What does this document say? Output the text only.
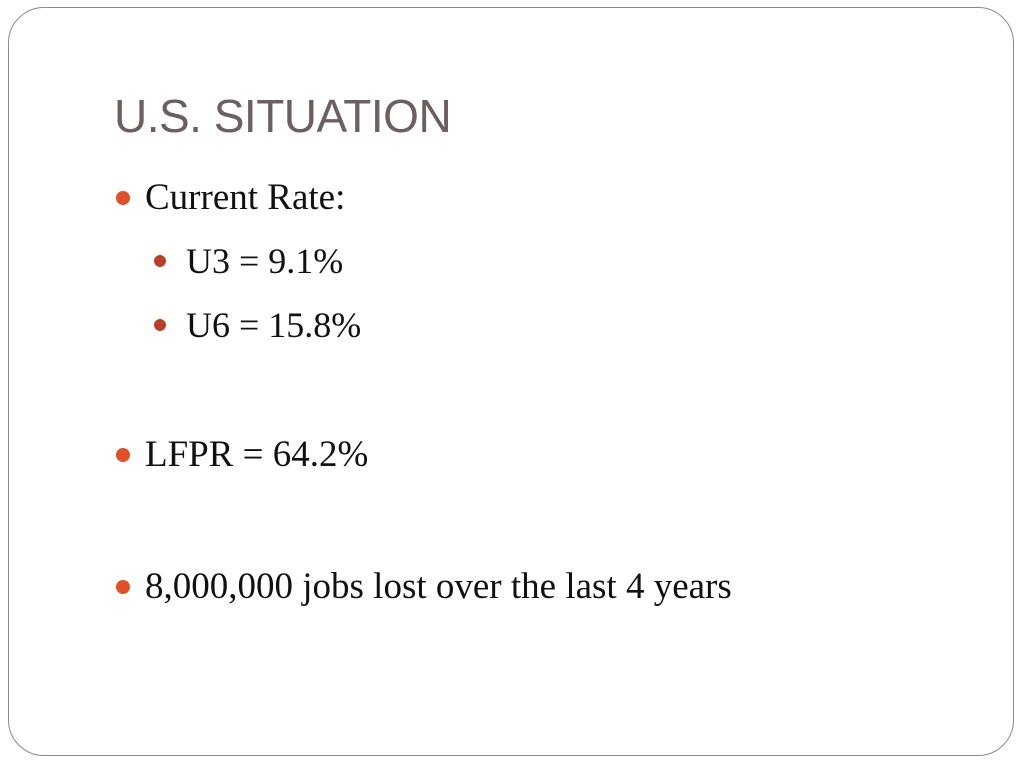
U.S. SITUATION
Current Rate:
U3 = 9.1%
U6 = 15.8%
LFPR = 64.2%
8,000,000 jobs lost over the last 4 years
